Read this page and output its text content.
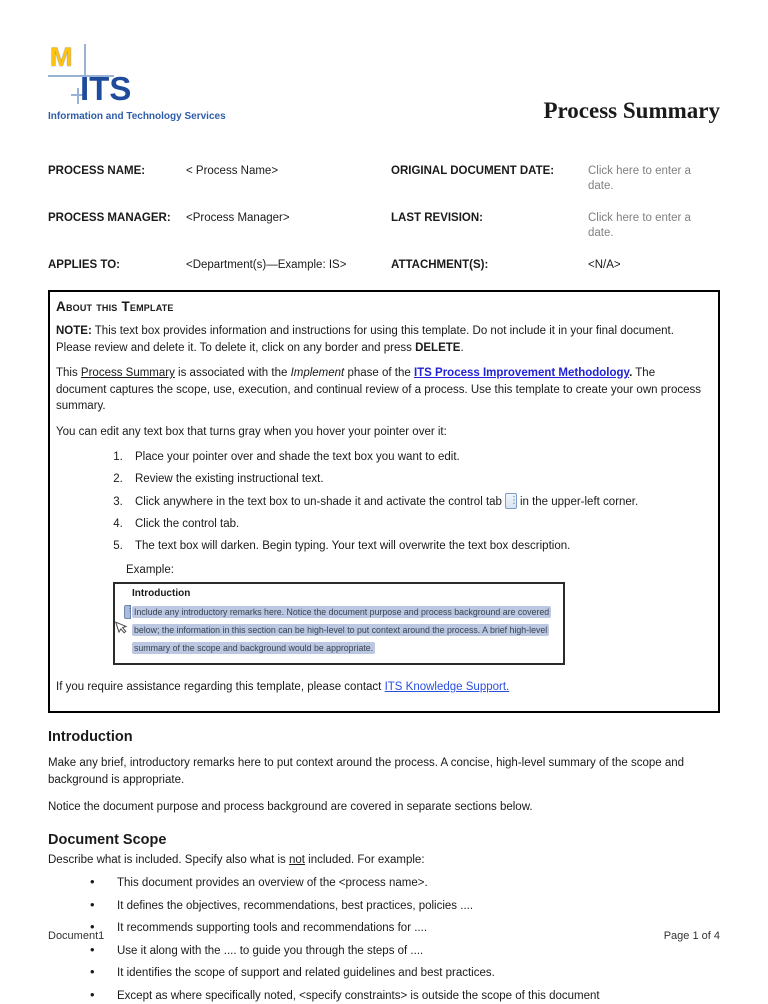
M
ITS
Information and Technology Services	Process Summary
PROCESS NAME:	< Process Name>	ORIGINAL DOCUMENT DATE:	Click here to enter a date.
PROCESS MANAGER:	<Process Manager>	LAST REVISION:	Click here to enter a date.
APPLIES TO:	<Department(s)—Example: IS>	ATTACHMENT(S):	<N/A>
About this Template

NOTE: This text box provides information and instructions for using this template. Do not include it in your final document. Please review and delete it. To delete it, click on any border and press DELETE.

This Process Summary is associated with the Implement phase of the ITS Process Improvement Methodology. The document captures the scope, use, execution, and continual review of a process. Use this template to create your own process summary.

You can edit any text box that turns gray when you hover your pointer over it:

1. Place your pointer over and shade the text box you want to edit.
2. Review the existing instructional text.
3. Click anywhere in the text box to un-shade it and activate the control tab ⋮ in the upper-left corner.
4. Click the control tab.
5. The text box will darken. Begin typing. Your text will overwrite the text box description.
Example:
Introduction
⋮
Include any introductory remarks here. Notice the document purpose and process background are covered below; the information in this section can be high-level to put context around the process. A brief high-level summary of the scope and background would be appropriate.

If you require assistance regarding this template, please contact ITS Knowledge Support.

Introduction

Make any brief, introductory remarks here to put context around the process. A concise, high-level summary of the scope and background is appropriate.

Notice the document purpose and process background are covered in separate sections below.

Document Scope

Describe what is included. Specify also what is not included. For example:

• This document provides an overview of the <process name>.
• It defines the objectives, recommendations, best practices, policies ....
• It recommends supporting tools and recommendations for ....
• Use it along with the .... to guide you through the steps of ....
• It identifies the scope of support and related guidelines and best practices.
• Except as where specifically noted, <specify constraints> is outside the scope of this document
Document1	Page 1 of 4
